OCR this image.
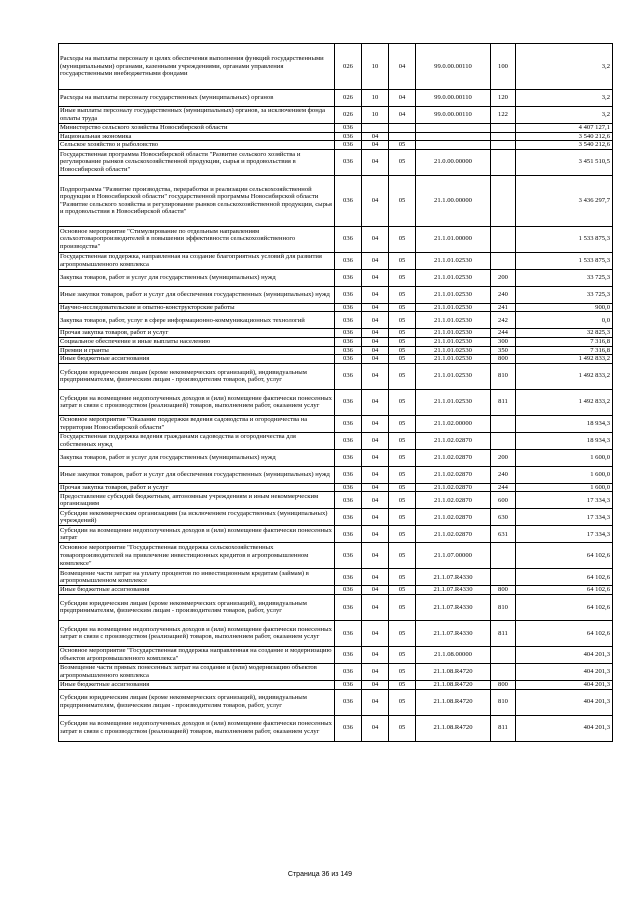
Расходы на выплаты персоналу в целях обеспечения выполнения функций государственными (муниципальными) органами, казенными учреждениями, органами управления государственными внебюджетными фондами	026	10	04	99.0.00.00110	100	3,2
Расходы на выплаты персоналу государственных (муниципальных) органов	026	10	04	99.0.00.00110	120	3,2
Иные выплаты персоналу государственных (муниципальных) органов, за исключением фонда оплаты труда	026	10	04	99.0.00.00110	122	3,2
Министерство сельского хозяйства Новосибирской области	036					4 407 127,1
Национальная экономика	036	04				3 540 212,6
Сельское хозяйство и рыболовство	036	04	05			3 540 212,6
Государственная программа Новосибирской области "Развитие сельского хозяйства и регулирование рынков сельскохозяйственной продукции, сырья и продовольствия в Новосибирской области"	036	04	05	21.0.00.00000		3 451 510,5
Подпрограмма "Развитие производства, переработки и реализации сельскохозяйственной продукции в Новосибирской области" государственной программы Новосибирской области "Развитие сельского хозяйства и регулирование рынков сельскохозяйственной продукции, сырья и продовольствия в Новосибирской области"	036	04	05	21.1.00.00000		3 436 297,7
Основное мероприятие "Стимулирование по отдельным направлениям сельхозтоваропроизводителей в повышении эффективности сельскохозяйственного производства"	036	04	05	21.1.01.00000		1 533 875,3
Государственная поддержка, направленная на создание благоприятных условий для развития агропромышленного комплекса	036	04	05	21.1.01.02530		1 533 875,3
Закупка товаров, работ и услуг для государственных (муниципальных) нужд	036	04	05	21.1.01.02530	200	33 725,3
Иные закупки товаров, работ и услуг для обеспечения государственных (муниципальных) нужд	036	04	05	21.1.01.02530	240	33 725,3
Научно-исследовательские и опытно-конструкторские работы	036	04	05	21.1.01.02530	241	900,0
Закупка товаров, работ, услуг в сфере информационно-коммуникационных технологий	036	04	05	21.1.01.02530	242	0,0
Прочая закупка товаров, работ и услуг	036	04	05	21.1.01.02530	244	32 825,3
Социальное обеспечение и иные выплаты населению	036	04	05	21.1.01.02530	300	7 316,8
Премии и гранты	036	04	05	21.1.01.02530	350	7 316,8
Иные бюджетные ассигнования	036	04	05	21.1.01.02530	800	1 492 833,2
Субсидии юридическим лицам (кроме некоммерческих организаций), индивидуальным предпринимателям, физическим лицам - производителям товаров, работ, услуг	036	04	05	21.1.01.02530	810	1 492 833,2
Субсидии на возмещение недополученных доходов и (или) возмещение фактически понесенных затрат в связи с производством (реализацией) товаров, выполнением работ, оказанием услуг	036	04	05	21.1.01.02530	811	1 492 833,2
Основное мероприятие "Оказание поддержки ведения садоводства и огородничества на территории Новосибирской области"	036	04	05	21.1.02.00000		18 934,3
Государственная поддержка ведения гражданами садоводства и огородничества для собственных нужд	036	04	05	21.1.02.02870		18 934,3
Закупка товаров, работ и услуг для государственных (муниципальных) нужд	036	04	05	21.1.02.02870	200	1 600,0
Иные закупки товаров, работ и услуг для обеспечения государственных (муниципальных) нужд	036	04	05	21.1.02.02870	240	1 600,0
Прочая закупка товаров, работ и услуг	036	04	05	21.1.02.02870	244	1 600,0
Предоставление субсидий бюджетным, автономным учреждениям и иным некоммерческим организациям	036	04	05	21.1.02.02870	600	17 334,3
Субсидии некоммерческим организациям (за исключением государственных (муниципальных) учреждений)	036	04	05	21.1.02.02870	630	17 334,3
Субсидии на возмещение недополученных доходов и (или) возмещение фактически понесенных затрат	036	04	05	21.1.02.02870	631	17 334,3
Основное мероприятие "Государственная поддержка сельскохозяйственных товаропроизводителей на привлечение инвестиционных кредитов в агропромышленном комплексе"	036	04	05	21.1.07.00000		64 102,6
Возмещение части затрат на уплату процентов по инвестиционным кредитам (займам) в агропромышленном комплексе	036	04	05	21.1.07.R4330		64 102,6
Иные бюджетные ассигнования	036	04	05	21.1.07.R4330	800	64 102,6
Субсидии юридическим лицам (кроме некоммерческих организаций), индивидуальным предпринимателям, физическим лицам - производителям товаров, работ, услуг	036	04	05	21.1.07.R4330	810	64 102,6
Субсидии на возмещение недополученных доходов и (или) возмещение фактически понесенных затрат в связи с производством (реализацией) товаров, выполнением работ, оказанием услуг	036	04	05	21.1.07.R4330	811	64 102,6
Основное мероприятие "Государственная поддержка направленная на создание и модернизацию объектов агропромышленного комплекса"	036	04	05	21.1.08.00000		404 201,3
Возмещение части прямых понесенных затрат на создание и (или) модернизацию объектов агропромышленного комплекса	036	04	05	21.1.08.R4720		404 201,3
Иные бюджетные ассигнования	036	04	05	21.1.08.R4720	800	404 201,3
Субсидии юридическим лицам (кроме некоммерческих организаций), индивидуальным предпринимателям, физическим лицам - производителям товаров, работ, услуг	036	04	05	21.1.08.R4720	810	404 201,3
Субсидии на возмещение недополученных доходов и (или) возмещение фактически понесенных затрат в связи с производством (реализацией) товаров, выполнением работ, оказанием услуг	036	04	05	21.1.08.R4720	811	404 201,3
Страница 36 из 149
